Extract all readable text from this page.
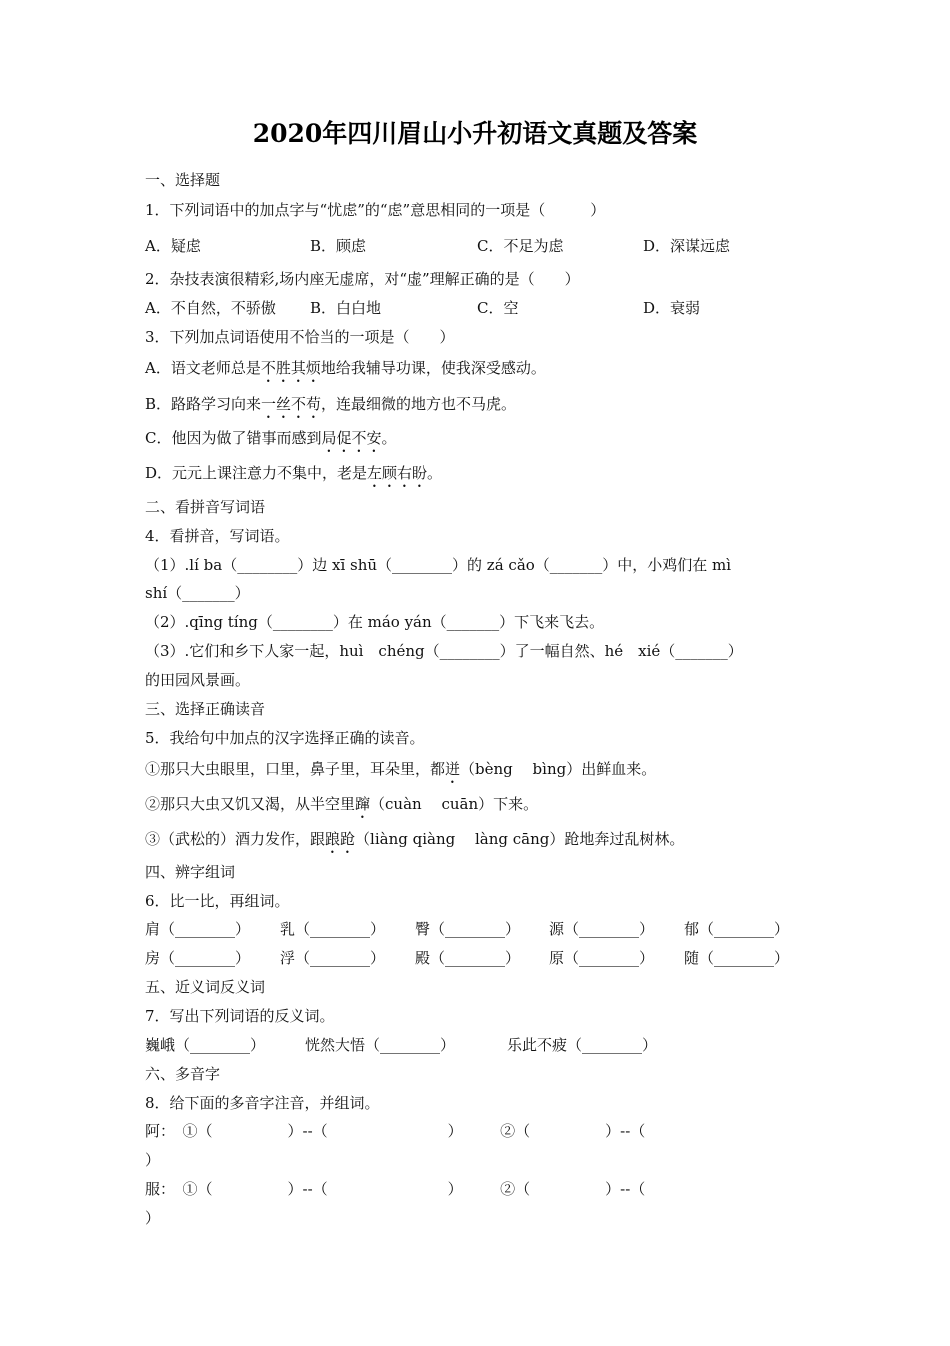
2020年四川眉山小升初语文真题及答案

一、选择题

1．下列词语中的加点字与“忧虑”的“虑”意思相同的一项是（　　　）

A．疑虑	B．顾虑	C．不足为虑	D．深谋远虑

2．杂技表演很精彩,场内座无虚席，对“虚”理解正确的是（　　）

A．不自然，不骄傲 B．白白地	C．空	D．衰弱

3．下列加点词语使用不恰当的一项是（　　）

A．语文老师总是不胜其烦地给我辅导功课，使我深受感动。

B．路路学习向来一丝不苟，连最细微的地方也不马虎。

C．他因为做了错事而感到局促不安。

D．元元上课注意力不集中，老是左顾右盼。

二、看拼音写词语

4．看拼音，写词语。

（1）.lí ba（________）边 xī shū（________）的 zá cǎo（_______）中，小鸡们在 mì

shí（_______）

（2）.qīng tíng（________）在 máo yán（_______）下飞来飞去。

（3）.它们和乡下人家一起，huì　chéng（________）了一幅自然、hé　xié（_______）

的田园风景画。

三、选择正确读音

5．我给句中加点的汉字选择正确的读音。

①那只大虫眼里，口里，鼻子里，耳朵里，都迸（bèng　 bìng）出鲜血来。

②那只大虫又饥又渴，从半空里蹿（cuàn　 cuān）下来。

③（武松的）酒力发作，跟踉跄（liàng qiàng　 làng cāng）跄地奔过乱树林。

四、辨字组词

6．比一比，再组词。

肩（________） 乳（________） 臀（________） 源（________） 郁（________）
房（________） 浮（________） 殿（________） 原（________） 随（________）

五、近义词反义词

7．写出下列词语的反义词。

巍峨（________）	恍然大悟（________）	乐此不疲（________）

六、多音字

8．给下面的多音字注音，并组词。

阿：　①（　　　　　）--（　　　　　　　　）　　　②（　　　　　）--（

）

服：　①（　　　　　）--（　　　　　　　　）　　　②（　　　　　）--（

）
